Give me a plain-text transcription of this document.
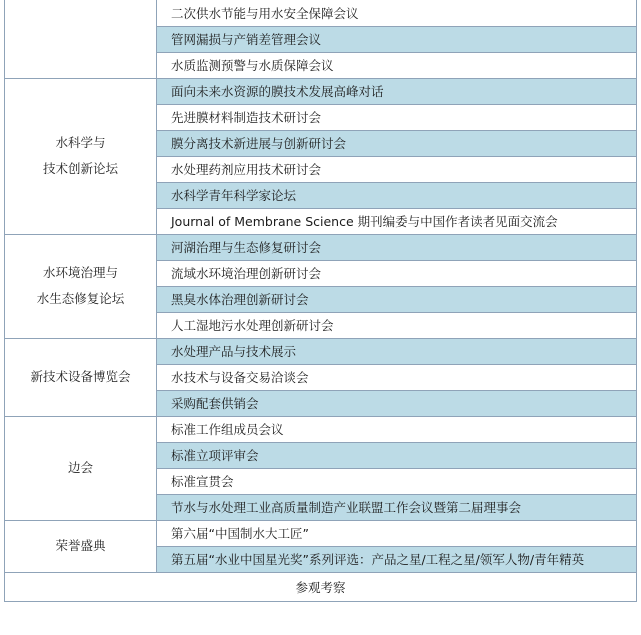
	二次供水节能与用水安全保障会议
	管网漏损与产销差管理会议
	水质监测预警与水质保障会议

水科学与
技术创新论坛	面向未来水资源的膜技术发展高峰对话
	先进膜材料制造技术研讨会
	膜分离技术新进展与创新研讨会
	水处理药剂应用技术研讨会
	水科学青年科学家论坛
	Journal of Membrane Science 期刊编委与中国作者读者见面交流会

水环境治理与
水生态修复论坛	河湖治理与生态修复研讨会
	流域水环境治理创新研讨会
	黑臭水体治理创新研讨会
	人工湿地污水处理创新研讨会

新技术设备博览会	水处理产品与技术展示
	水技术与设备交易洽谈会
	采购配套供销会

边会	标准工作组成员会议
	标准立项评审会
	标准宣贯会
	节水与水处理工业高质量制造产业联盟工作会议暨第二届理事会

荣誉盛典	第六届“中国制水大工匠”
	第五届“水业中国星光奖”系列评选：产品之星/工程之星/领军人物/青年精英
参观考察	
